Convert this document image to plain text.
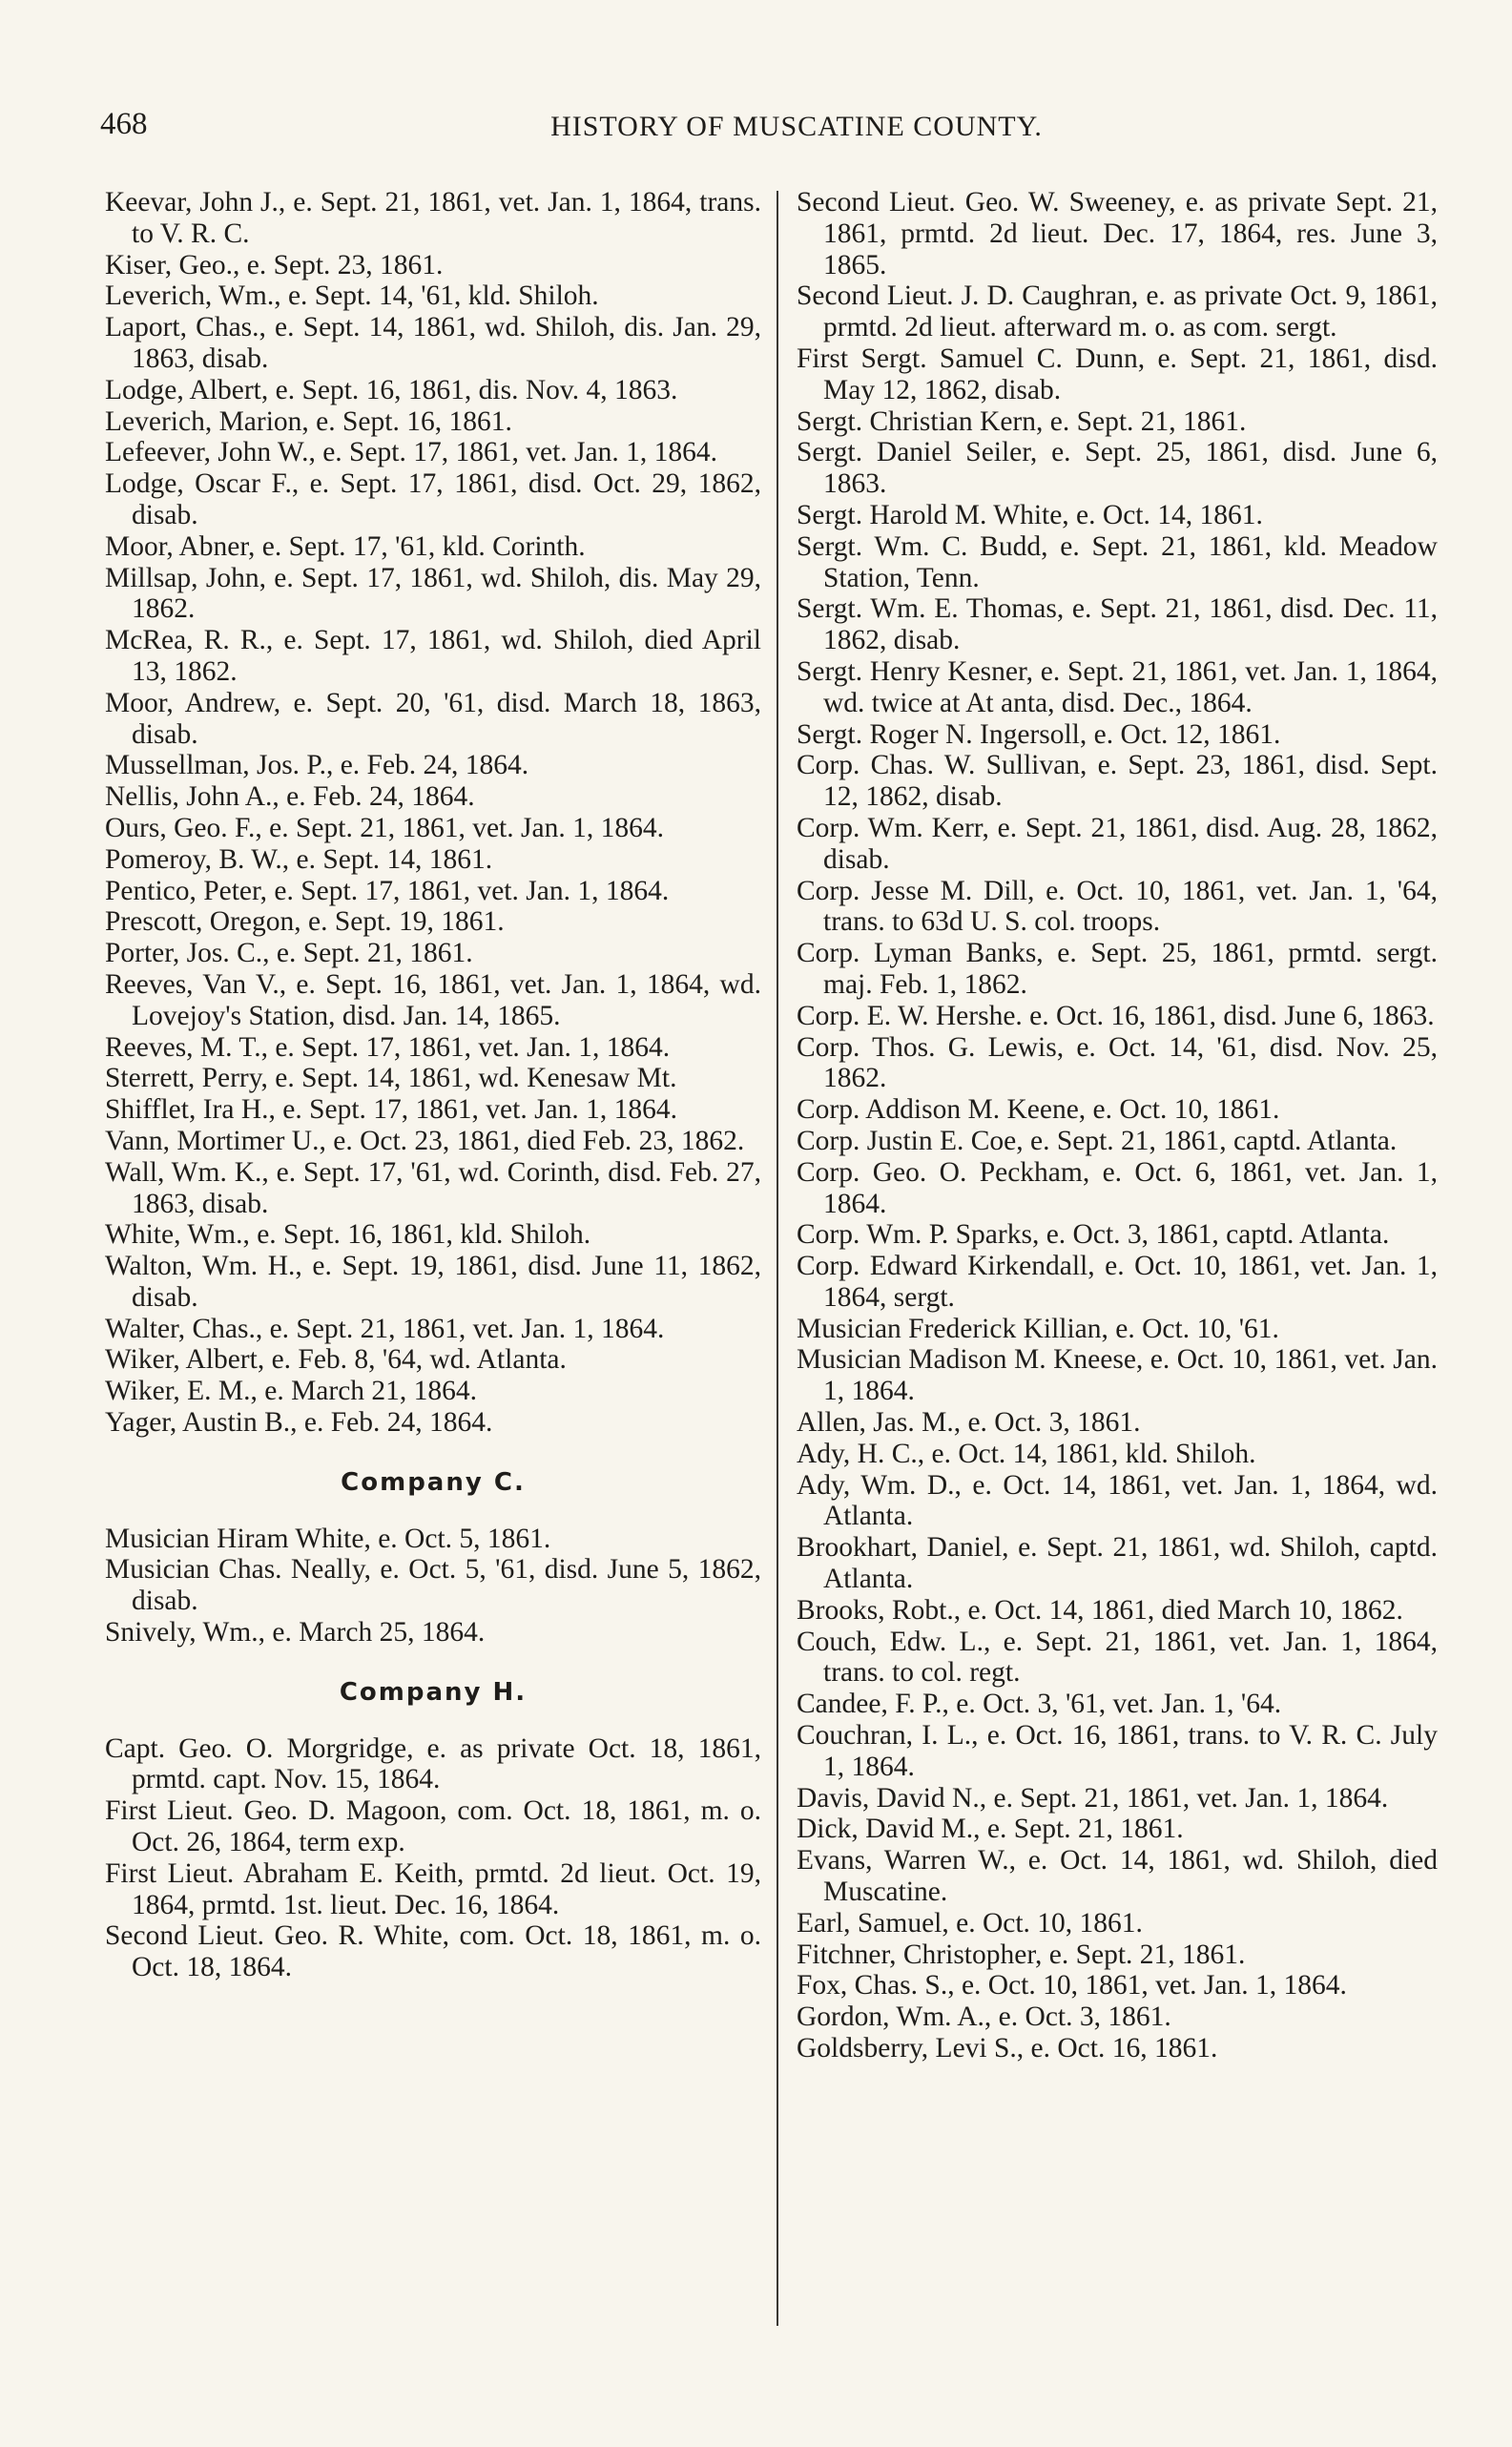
468	HISTORY OF MUSCATINE COUNTY.
Keevar, John J., e. Sept. 21, 1861, vet. Jan. 1, 1864, trans. to V. R. C.
Kiser, Geo., e. Sept. 23, 1861.
Leverich, Wm., e. Sept. 14, '61, kld. Shiloh.
Laport, Chas., e. Sept. 14, 1861, wd. Shiloh, dis. Jan. 29, 1863, disab.
Lodge, Albert, e. Sept. 16, 1861, dis. Nov. 4, 1863.
Leverich, Marion, e. Sept. 16, 1861.
Lefeever, John W., e. Sept. 17, 1861, vet. Jan. 1, 1864.
Lodge, Oscar F., e. Sept. 17, 1861, disd. Oct. 29, 1862, disab.
Moor, Abner, e. Sept. 17, '61, kld. Corinth.
Millsap, John, e. Sept. 17, 1861, wd. Shiloh, dis. May 29, 1862.
McRea, R. R., e. Sept. 17, 1861, wd. Shiloh, died April 13, 1862.
Moor, Andrew, e. Sept. 20, '61, disd. March 18, 1863, disab.
Mussellman, Jos. P., e. Feb. 24, 1864.
Nellis, John A., e. Feb. 24, 1864.
Ours, Geo. F., e. Sept. 21, 1861, vet. Jan. 1, 1864.
Pomeroy, B. W., e. Sept. 14, 1861.
Pentico, Peter, e. Sept. 17, 1861, vet. Jan. 1, 1864.
Prescott, Oregon, e. Sept. 19, 1861.
Porter, Jos. C., e. Sept. 21, 1861.
Reeves, Van V., e. Sept. 16, 1861, vet. Jan. 1, 1864, wd. Lovejoy's Station, disd. Jan. 14, 1865.
Reeves, M. T., e. Sept. 17, 1861, vet. Jan. 1, 1864.
Sterrett, Perry, e. Sept. 14, 1861, wd. Kenesaw Mt.
Shifflet, Ira H., e. Sept. 17, 1861, vet. Jan. 1, 1864.
Vann, Mortimer U., e. Oct. 23, 1861, died Feb. 23, 1862.
Wall, Wm. K., e. Sept. 17, '61, wd. Corinth, disd. Feb. 27, 1863, disab.
White, Wm., e. Sept. 16, 1861, kld. Shiloh.
Walton, Wm. H., e. Sept. 19, 1861, disd. June 11, 1862, disab.
Walter, Chas., e. Sept. 21, 1861, vet. Jan. 1, 1864.
Wiker, Albert, e. Feb. 8, '64, wd. Atlanta.
Wiker, E. M., e. March 21, 1864.
Yager, Austin B., e. Feb. 24, 1864.
Company C.
Musician Hiram White, e. Oct. 5, 1861.
Musician Chas. Neally, e. Oct. 5, '61, disd. June 5, 1862, disab.
Snively, Wm., e. March 25, 1864.
Company H.
Capt. Geo. O. Morgridge, e. as private Oct. 18, 1861, prmtd. capt. Nov. 15, 1864.
First Lieut. Geo. D. Magoon, com. Oct. 18, 1861, m. o. Oct. 26, 1864, term exp.
First Lieut. Abraham E. Keith, prmtd. 2d lieut. Oct. 19, 1864, prmtd. 1st. lieut. Dec. 16, 1864.
Second Lieut. Geo. R. White, com. Oct. 18, 1861, m. o. Oct. 18, 1864.
Second Lieut. Geo. W. Sweeney, e. as private Sept. 21, 1861, prmtd. 2d lieut. Dec. 17, 1864, res. June 3, 1865.
Second Lieut. J. D. Caughran, e. as private Oct. 9, 1861, prmtd. 2d lieut. afterward m. o. as com. sergt.
First Sergt. Samuel C. Dunn, e. Sept. 21, 1861, disd. May 12, 1862, disab.
Sergt. Christian Kern, e. Sept. 21, 1861.
Sergt. Daniel Seiler, e. Sept. 25, 1861, disd. June 6, 1863.
Sergt. Harold M. White, e. Oct. 14, 1861.
Sergt. Wm. C. Budd, e. Sept. 21, 1861, kld. Meadow Station, Tenn.
Sergt. Wm. E. Thomas, e. Sept. 21, 1861, disd. Dec. 11, 1862, disab.
Sergt. Henry Kesner, e. Sept. 21, 1861, vet. Jan. 1, 1864, wd. twice at At anta, disd. Dec., 1864.
Sergt. Roger N. Ingersoll, e. Oct. 12, 1861.
Corp. Chas. W. Sullivan, e. Sept. 23, 1861, disd. Sept. 12, 1862, disab.
Corp. Wm. Kerr, e. Sept. 21, 1861, disd. Aug. 28, 1862, disab.
Corp. Jesse M. Dill, e. Oct. 10, 1861, vet. Jan. 1, '64, trans. to 63d U. S. col. troops.
Corp. Lyman Banks, e. Sept. 25, 1861, prmtd. sergt. maj. Feb. 1, 1862.
Corp. E. W. Hershe. e. Oct. 16, 1861, disd. June 6, 1863.
Corp. Thos. G. Lewis, e. Oct. 14, '61, disd. Nov. 25, 1862.
Corp. Addison M. Keene, e. Oct. 10, 1861.
Corp. Justin E. Coe, e. Sept. 21, 1861, captd. Atlanta.
Corp. Geo. O. Peckham, e. Oct. 6, 1861, vet. Jan. 1, 1864.
Corp. Wm. P. Sparks, e. Oct. 3, 1861, captd. Atlanta.
Corp. Edward Kirkendall, e. Oct. 10, 1861, vet. Jan. 1, 1864, sergt.
Musician Frederick Killian, e. Oct. 10, '61.
Musician Madison M. Kneese, e. Oct. 10, 1861, vet. Jan. 1, 1864.
Allen, Jas. M., e. Oct. 3, 1861.
Ady, H. C., e. Oct. 14, 1861, kld. Shiloh.
Ady, Wm. D., e. Oct. 14, 1861, vet. Jan. 1, 1864, wd. Atlanta.
Brookhart, Daniel, e. Sept. 21, 1861, wd. Shiloh, captd. Atlanta.
Brooks, Robt., e. Oct. 14, 1861, died March 10, 1862.
Couch, Edw. L., e. Sept. 21, 1861, vet. Jan. 1, 1864, trans. to col. regt.
Candee, F. P., e. Oct. 3, '61, vet. Jan. 1, '64.
Couchran, I. L., e. Oct. 16, 1861, trans. to V. R. C. July 1, 1864.
Davis, David N., e. Sept. 21, 1861, vet. Jan. 1, 1864.
Dick, David M., e. Sept. 21, 1861.
Evans, Warren W., e. Oct. 14, 1861, wd. Shiloh, died Muscatine.
Earl, Samuel, e. Oct. 10, 1861.
Fitchner, Christopher, e. Sept. 21, 1861.
Fox, Chas. S., e. Oct. 10, 1861, vet. Jan. 1, 1864.
Gordon, Wm. A., e. Oct. 3, 1861.
Goldsberry, Levi S., e. Oct. 16, 1861.
